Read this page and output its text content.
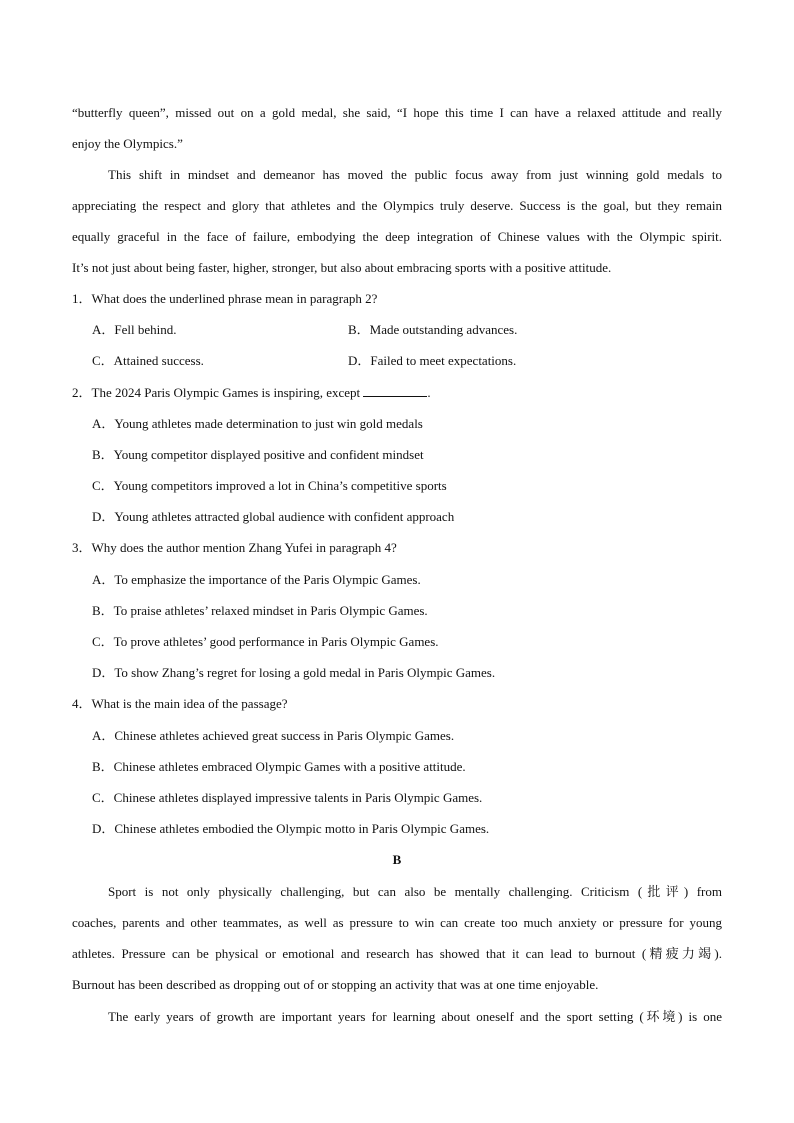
“butterfly queen”, missed out on a gold medal, she said, “I hope this time I can have a relaxed attitude and really
enjoy the Olympics.”
This shift in mindset and demeanor has moved the public focus away from just winning gold medals to
appreciating the respect and glory that athletes and the Olympics truly deserve. Success is the goal, but they remain
equally graceful in the face of failure, embodying the deep integration of Chinese values with the Olympic spirit.
It’s not just about being faster, higher, stronger, but also about embracing sports with a positive attitude.
1．What does the underlined phrase mean in paragraph 2?
A．Fell behind.	B．Made outstanding advances.
C．Attained success.	D．Failed to meet expectations.
2．The 2024 Paris Olympic Games is inspiring, except	.
A．Young athletes made determination to just win gold medals
B．Young competitor displayed positive and confident mindset
C．Young competitors improved a lot in China’s competitive sports
D．Young athletes attracted global audience with confident approach
3．Why does the author mention Zhang Yufei in paragraph 4?
A．To emphasize the importance of the Paris Olympic Games.
B．To praise athletes’ relaxed mindset in Paris Olympic Games.
C．To prove athletes’ good performance in Paris Olympic Games.
D．To show Zhang’s regret for losing a gold medal in Paris Olympic Games.
4．What is the main idea of the passage?
A．Chinese athletes achieved great success in Paris Olympic Games.
B．Chinese athletes embraced Olympic Games with a positive attitude.
C．Chinese athletes displayed impressive talents in Paris Olympic Games.
D．Chinese athletes embodied the Olympic motto in Paris Olympic Games.
B
Sport is not only physically challenging, but can also be mentally challenging. Criticism (批评) from
coaches, parents and other teammates, as well as pressure to win can create too much anxiety or pressure for young
athletes. Pressure can be physical or emotional and research has showed that it can lead to burnout (精疲力竭).
Burnout has been described as dropping out of or stopping an activity that was at one time enjoyable.
The early years of growth are important years for learning about oneself and the sport setting (环境) is one
